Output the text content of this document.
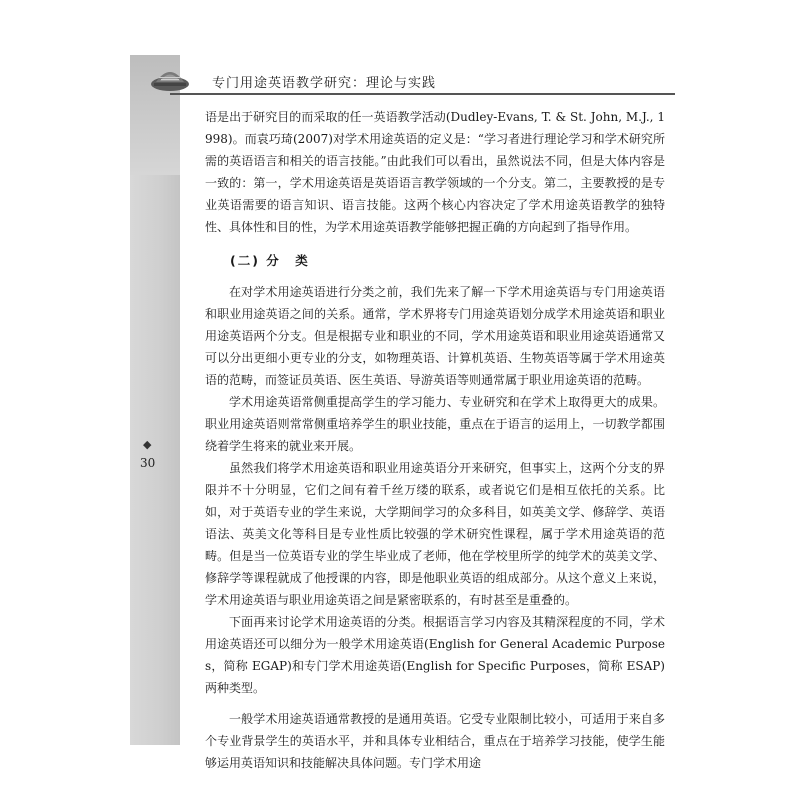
◆
30
专门用途英语教学研究：理论与实践

语是出于研究目的而采取的任一英语教学活动(Dudley-Evans, T. & St. John, M.J., 1998)。而袁巧琦(2007)对学术用途英语的定义是：“学习者进行理论学习和学术研究所需的英语语言和相关的语言技能。”由此我们可以看出，虽然说法不同，但是大体内容是一致的：第一，学术用途英语是英语语言教学领域的一个分支。第二，主要教授的是专业英语需要的语言知识、语言技能。这两个核心内容决定了学术用途英语教学的独特性、具体性和目的性，为学术用途英语教学能够把握正确的方向起到了指导作用。

(二) 分　类

在对学术用途英语进行分类之前，我们先来了解一下学术用途英语与专门用途英语和职业用途英语之间的关系。通常，学术界将专门用途英语划分成学术用途英语和职业用途英语两个分支。但是根据专业和职业的不同，学术用途英语和职业用途英语通常又可以分出更细小更专业的分支，如物理英语、计算机英语、生物英语等属于学术用途英语的范畴，而签证员英语、医生英语、导游英语等则通常属于职业用途英语的范畴。

学术用途英语常侧重提高学生的学习能力、专业研究和在学术上取得更大的成果。职业用途英语则常常侧重培养学生的职业技能，重点在于语言的运用上，一切教学都围绕着学生将来的就业来开展。

虽然我们将学术用途英语和职业用途英语分开来研究，但事实上，这两个分支的界限并不十分明显，它们之间有着千丝万缕的联系，或者说它们是相互依托的关系。比如，对于英语专业的学生来说，大学期间学习的众多科目，如英美文学、修辞学、英语语法、英美文化等科目是专业性质比较强的学术研究性课程，属于学术用途英语的范畴。但是当一位英语专业的学生毕业成了老师，他在学校里所学的纯学术的英美文学、修辞学等课程就成了他授课的内容，即是他职业英语的组成部分。从这个意义上来说，学术用途英语与职业用途英语之间是紧密联系的，有时甚至是重叠的。

下面再来讨论学术用途英语的分类。根据语言学习内容及其精深程度的不同，学术用途英语还可以细分为一般学术用途英语(English for General Academic Purposes，简称 EGAP)和专门学术用途英语(English for Specific Purposes，简称 ESAP)两种类型。

一般学术用途英语通常教授的是通用英语。它受专业限制比较小，可适用于来自多个专业背景学生的英语水平，并和具体专业相结合，重点在于培养学习技能，使学生能够运用英语知识和技能解决具体问题。专门学术用途
